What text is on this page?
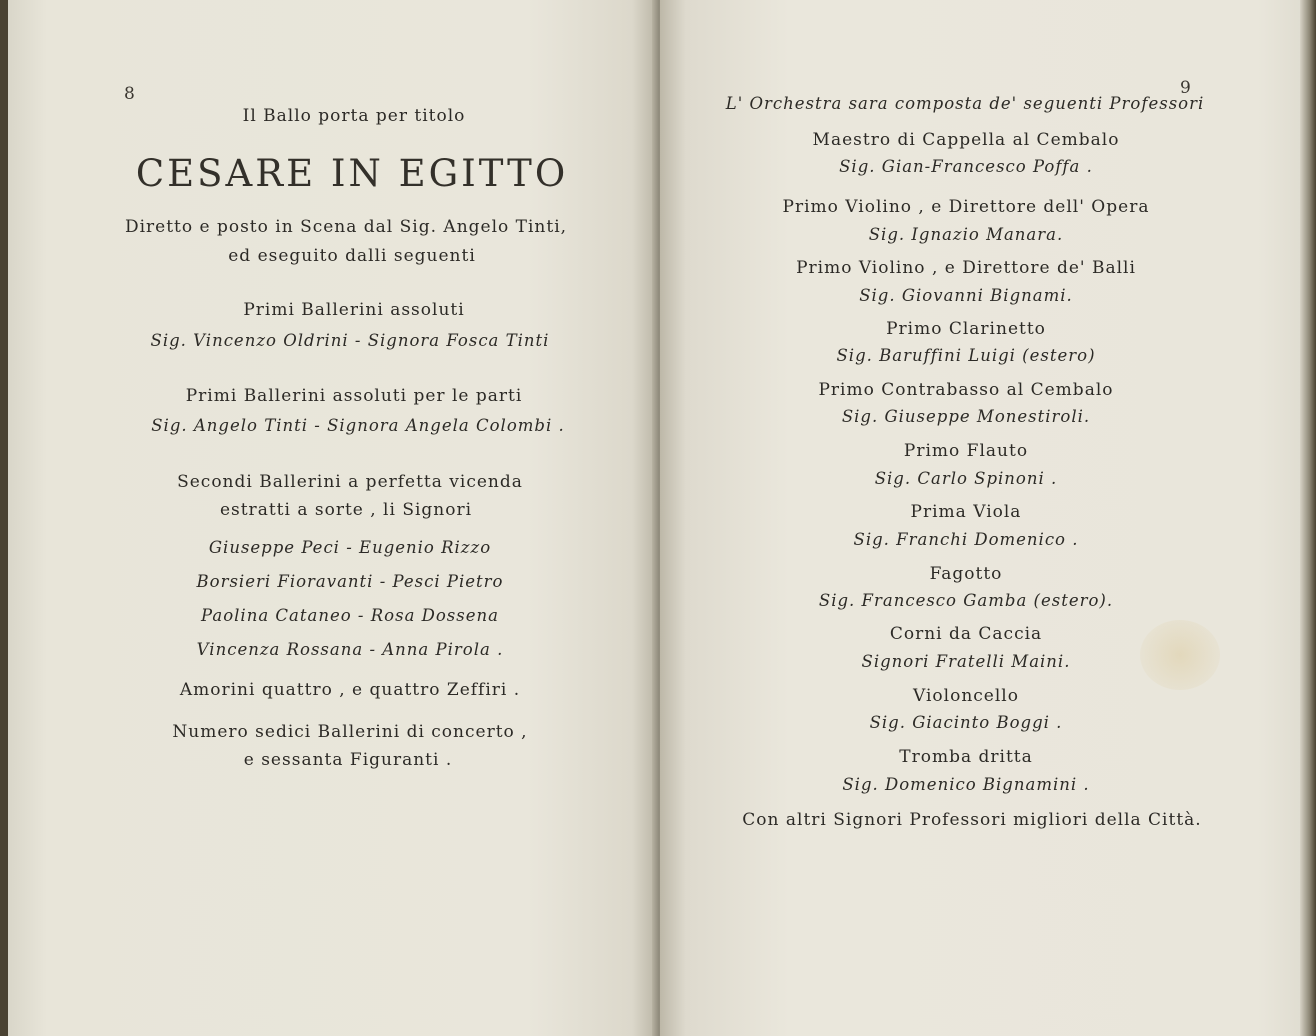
8
Il Ballo porta per titolo
CESARE IN EGITTO
Diretto e posto in Scena dal Sig. Angelo Tinti,
ed eseguito dalli seguenti
Primi Ballerini assoluti
Sig. Vincenzo Oldrini - Signora Fosca Tinti
Primi Ballerini assoluti per le parti
Sig. Angelo Tinti - Signora Angela Colombi .
Secondi Ballerini a perfetta vicenda
estratti a sorte , li Signori
Giuseppe Peci - Eugenio Rizzo
Borsieri Fioravanti - Pesci Pietro
Paolina Cataneo - Rosa Dossena
Vincenza Rossana - Anna Pirola .
Amorini quattro , e quattro Zeffiri .
Numero sedici Ballerini di concerto ,
e sessanta Figuranti .
9
L' Orchestra sara composta de' seguenti Professori
Maestro di Cappella al Cembalo
Sig. Gian-Francesco Poffa .
Primo Violino , e Direttore dell' Opera
Sig. Ignazio Manara.
Primo Violino , e Direttore de' Balli
Sig. Giovanni Bignami.
Primo Clarinetto
Sig. Baruffini Luigi (estero)
Primo Contrabasso al Cembalo
Sig. Giuseppe Monestiroli.
Primo Flauto
Sig. Carlo Spinoni .
Prima Viola
Sig. Franchi Domenico .
Fagotto
Sig. Francesco Gamba (estero).
Corni da Caccia
Signori Fratelli Maini.
Violoncello
Sig. Giacinto Boggi .
Tromba dritta
Sig. Domenico Bignamini .
Con altri Signori Professori migliori della Città.
